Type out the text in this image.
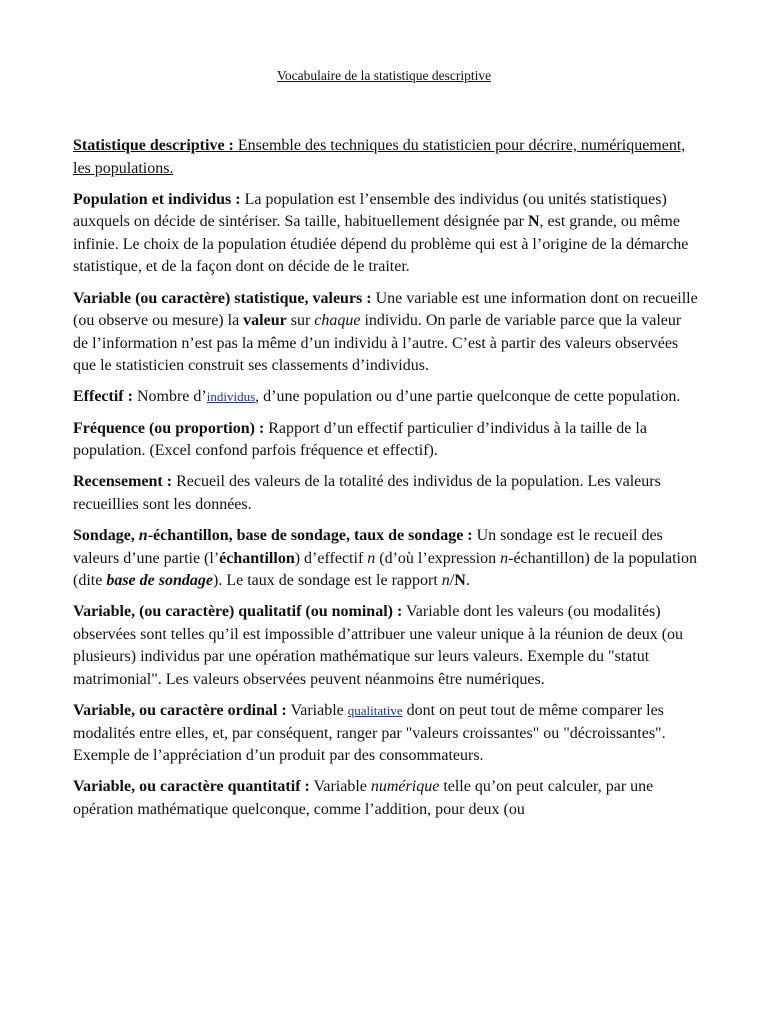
Vocabulaire de la statistique descriptive

Statistique descriptive : Ensemble des techniques du statisticien pour décrire, numériquement, les populations.

Population et individus : La population est l’ensemble des individus (ou unités statistiques) auxquels on décide de sintériser. Sa taille, habituellement désignée par N, est grande, ou même infinie. Le choix de la population étudiée dépend du problème qui est à l’origine de la démarche statistique, et de la façon dont on décide de le traiter.

Variable (ou caractère) statistique, valeurs : Une variable est une information dont on recueille (ou observe ou mesure) la valeur sur chaque individu. On parle de variable parce que la valeur de l’information n’est pas la même d’un individu à l’autre. C’est à partir des valeurs observées que le statisticien construit ses classements d’individus.

Effectif : Nombre d’individus, d’une population ou d’une partie quelconque de cette population.

Fréquence (ou proportion) : Rapport d’un effectif particulier d’individus à la taille de la population. (Excel confond parfois fréquence et effectif).

Recensement : Recueil des valeurs de la totalité des individus de la population. Les valeurs recueillies sont les données.

Sondage, n-échantillon, base de sondage, taux de sondage : Un sondage est le recueil des valeurs d’une partie (l’échantillon) d’effectif n (d’où l’expression n-échantillon) de la population (dite base de sondage). Le taux de sondage est le rapport n/N.

Variable, (ou caractère) qualitatif (ou nominal) : Variable dont les valeurs (ou modalités) observées sont telles qu’il est impossible d’attribuer une valeur unique à la réunion de deux (ou plusieurs) individus par une opération mathématique sur leurs valeurs. Exemple du "statut matrimonial". Les valeurs observées peuvent néanmoins être numériques.

Variable, ou caractère ordinal : Variable qualitative dont on peut tout de même comparer les modalités entre elles, et, par conséquent, ranger par "valeurs croissantes" ou "décroissantes". Exemple de l’appréciation d’un produit par des consommateurs.

Variable, ou caractère quantitatif : Variable numérique telle qu’on peut calculer, par une opération mathématique quelconque, comme l’addition, pour deux (ou
